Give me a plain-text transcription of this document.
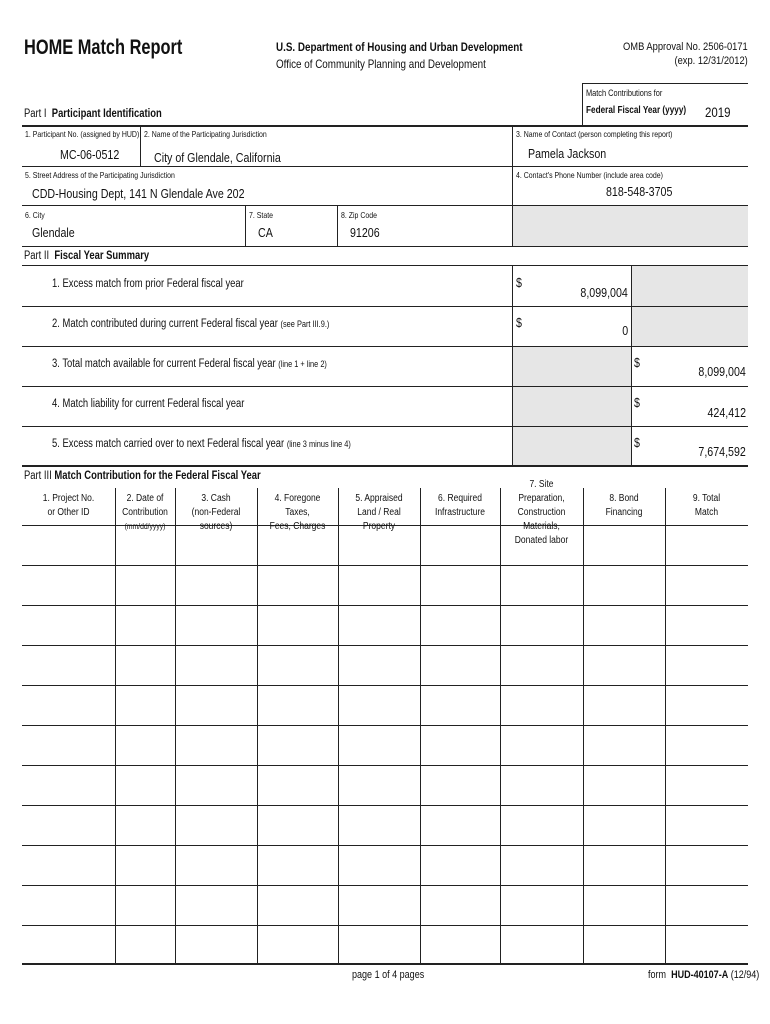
HOME Match Report	U.S. Department of Housing and Urban Development
Office of Community Planning and Development
OMB Approval No. 2506-0171
(exp. 12/31/2012)
Match Contributions for
Federal Fiscal Year (yyyy) 2019
Part I Participant Identification
1. Participant No. (assigned by HUD)
MC-06-0512
2. Name of the Participating Jurisdiction
City of Glendale, California
3. Name of Contact (person completing this report)
Pamela Jackson
5. Street Address of the Participating Jurisdiction
CDD-Housing Dept, 141 N Glendale Ave 202
4. Contact's Phone Number (include area code)
818-548-3705
6. City
Glendale
7. State
CA
8. Zip Code
91206
Part II Fiscal Year Summary
1. Excess match from prior Federal fiscal year	$
8,099,004
2. Match contributed during current Federal fiscal year (see Part III.9.)	$
0
3. Total match available for current Federal fiscal year (line 1 + line 2)	$
8,099,004
4. Match liability for current Federal fiscal year	$
424,412
5. Excess match carried over to next Federal fiscal year (line 3 minus line 4)	$
7,674,592
Part III Match Contribution for the Federal Fiscal Year
1. Project No.
or Other ID
2. Date of
Contribution
(mm/dd/yyyy)
3. Cash
(non-Federal sources)
4. Foregone Taxes,
Fees, Charges
5. Appraised
Land / Real Property
6. Required
Infrastructure
7. Site Preparation,
Construction Materials,
Donated labor
8. Bond
Financing
9. Total
Match
page 1 of 4 pages	form HUD-40107-A (12/94)
